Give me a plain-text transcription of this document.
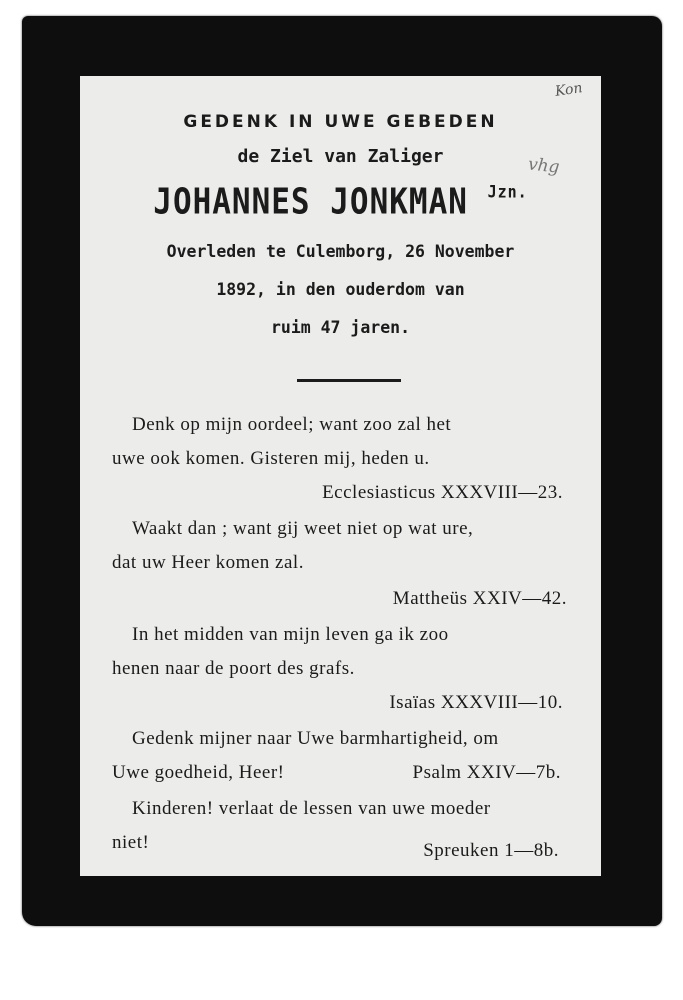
Kon
vhg
GEDENK IN UWE GEBEDEN
de Ziel van Zaliger
JOHANNES JONKMAN $^{Jzn.}$
Overleden te Culemborg, 26 November
1892, in den ouderdom van
ruim 47 jaren.
Denk op mijn oordeel; want zoo zal het
uwe ook komen. Gisteren mij, heden u.
Ecclesiasticus XXXVIII—23.
Waakt dan ; want gij weet niet op wat ure,
dat uw Heer komen zal.
Mattheüs XXIV—42.
In het midden van mijn leven ga ik zoo
henen naar de poort des grafs.
Isaïas XXXVIII—10.
Gedenk mijner naar Uwe barmhartigheid, om
Uwe goedheid, Heer!	Psalm XXIV—7b.
Kinderen! verlaat de lessen van uwe moeder
niet!	Spreuken 1—8b.
